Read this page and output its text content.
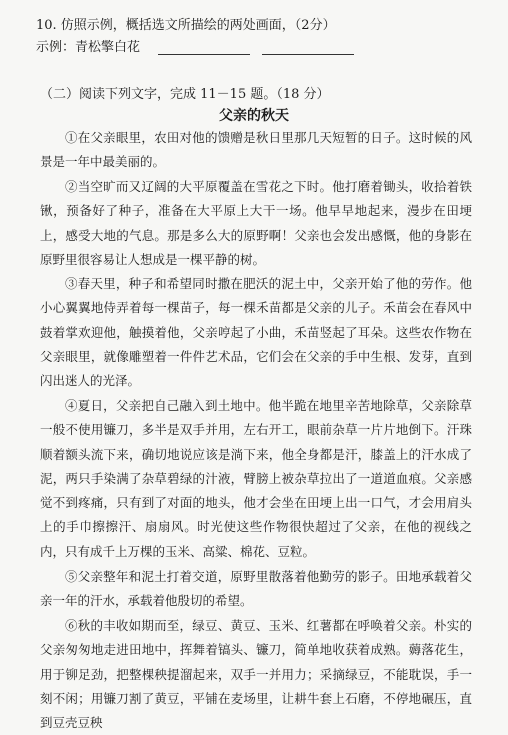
10. 仿照示例，概括选文所描绘的两处画面，（2分）
示例：青松擎白花
（二）阅读下列文字，完成 11－15 题。（18 分）
父亲的秋天
①在父亲眼里，农田对他的馈赠是秋日里那几天短暂的日子。这时候的风景是一年中最美丽的。
②当空旷而又辽阔的大平原覆盖在雪花之下时。他打磨着锄头，收拾着铁锹，预备好了种子，准备在大平原上大干一场。他早早地起来，漫步在田埂上，感受大地的气息。那是多么大的原野啊！父亲也会发出感慨，他的身影在原野里很容易让人想成是一棵平静的树。
③春天里，种子和希望同时撒在肥沃的泥土中，父亲开始了他的劳作。他小心翼翼地侍弄着每一棵苗子，每一棵禾苗都是父亲的儿子。禾苗会在春风中鼓着掌欢迎他，触摸着他，父亲哼起了小曲，禾苗竖起了耳朵。这些农作物在父亲眼里，就像雕塑着一件件艺术品，它们会在父亲的手中生根、发芽，直到闪出迷人的光泽。
④夏日，父亲把自己融入到土地中。他半跪在地里辛苦地除草，父亲除草一般不使用镰刀，多半是双手并用，左右开工，眼前杂草一片片地倒下。汗珠顺着额头流下来，确切地说应该是淌下来，他全身都是汗，膝盖上的汗水成了泥，两只手染满了杂草碧绿的汁液，臂膀上被杂草拉出了一道道血痕。父亲感觉不到疼痛，只有到了对面的地头，他才会坐在田埂上出一口气，才会用肩头上的手巾擦擦汗、扇扇风。时光使这些作物很快超过了父亲，在他的视线之内，只有成千上万棵的玉米、高粱、棉花、豆粒。
⑤父亲整年和泥土打着交道，原野里散落着他勤劳的影子。田地承载着父亲一年的汗水，承载着他殷切的希望。
⑥秋的丰收如期而至，绿豆、黄豆、玉米、红薯都在呼唤着父亲。朴实的父亲匆匆地走进田地中，挥舞着镐头、镰刀，简单地收获着成熟。薅落花生，用于铆足劲，把整棵秧提溜起来，双手一并用力；采摘绿豆，不能耽误，手一刻不闲；用镰刀割了黄豆，平铺在麦场里，让耕牛套上石磨，不停地碾压，直到豆壳豆秧
